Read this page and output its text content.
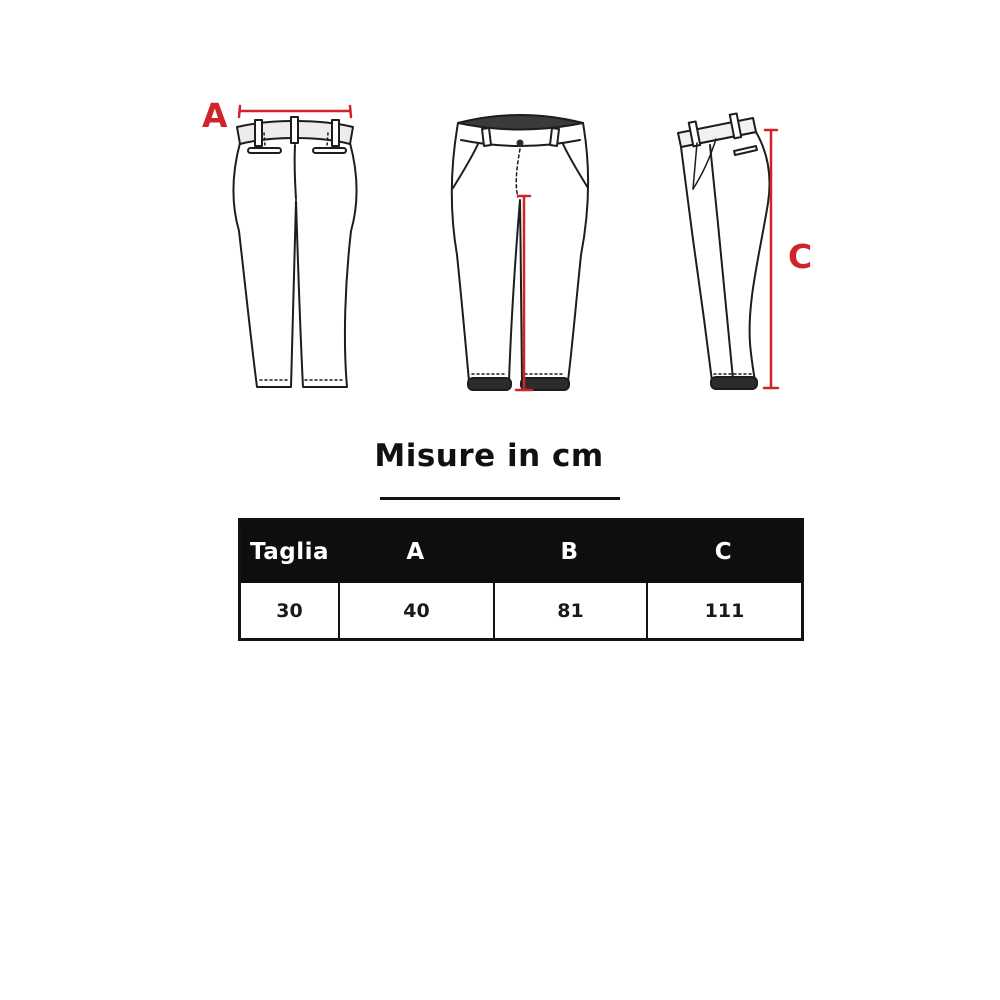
A
C
Misure in cm
Taglia	A	B	C
30	40	81	111
